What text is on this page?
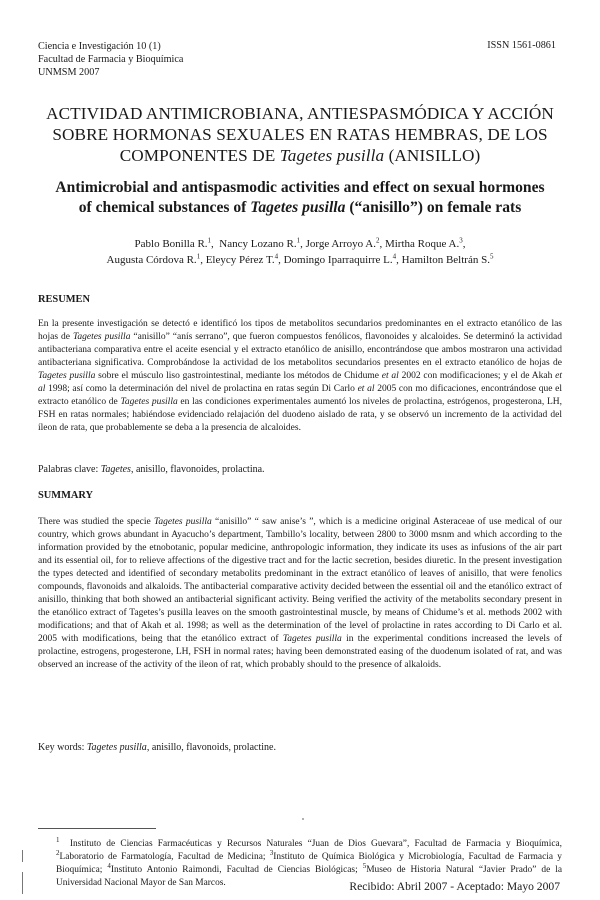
Ciencia e Investigación 10 (1)
Facultad de Farmacia y Bioquímica
UNMSM 2007
ISSN 1561-0861
ACTIVIDAD ANTIMICROBIANA, ANTIESPASMÓDICA Y ACCIÓN
SOBRE HORMONAS SEXUALES EN RATAS HEMBRAS, DE LOS
COMPONENTES DE Tagetes pusilla (ANISILLO)
Antimicrobial and antispasmodic activities and effect on sexual hormones
of chemical substances of Tagetes pusilla (“anisillo”) on female rats
Pablo Bonilla R.$^1$,  Nancy Lozano R.$^1$, Jorge Arroyo A.$^2$, Mirtha Roque A.$^3$,
Augusta Córdova R.$^1$, Eleycy Pérez T.$^4$, Domingo Iparraquirre L.$^4$, Hamilton Beltrán S.$^5$
RESUMEN
En la presente investigación se detectó e identificó los tipos de metabolitos secundarios predominantes en el extracto etanólico de las hojas de Tagetes pusilla “anisillo” “anís serrano”, que fueron compuestos fenólicos, flavonoides y alcaloides. Se determinó la actividad antibacteriana comparativa entre el aceite esencial y el extracto etanólico de anisillo, encontrándose que ambos mostraron una actividad antibacteriana significativa. Comprobándose la actividad de los metabolitos secundarios presentes en el extracto etanólico de hojas de Tagetes pusilla sobre el músculo liso gastrointestinal, mediante los métodos de Chidume et al 2002 con modificaciones; y el de Akah et al 1998; así como la determinación del nivel de prolactina en ratas según Di Carlo et al 2005 con mo dificaciones, encontrándose que el extracto etanólico de Tagetes pusilla en las condiciones experimentales aumentó los niveles de prolactina, estrógenos, progesterona, LH, FSH en ratas normales; habiéndose evidenciado relajación del duodeno aislado de rata, y se observó un incremento de la actividad del íleon de rata, que probablemente se deba a la presencia de alcaloides.
Palabras clave: Tagetes, anisillo, flavonoides, prolactina.
SUMMARY
There was studied the specie Tagetes pusilla “anisillo” “ saw anise’s ”, which is a medicine original Asteraceae of use medical of our country, which grows abundant in Ayacucho’s department, Tambillo’s locality, between 2800 to 3000 msnm and which according to the information provided by the etnobotanic, popular medicine, anthropologic information, they indicate its uses as infusions of the air part and its essential oil, for to relieve affections of the digestive tract and for the lactic secretion, besides diuretic. In the present investigation the types detected and identified of secondary metabolits predominant in the extract etanólico of leaves of anisillo, that were fenolics compounds, flavonoids and alkaloids. The antibacterial comparative activity decided between the essential oil and the etanólico extract of anisillo, thinking that both showed an antibacterial significant activity. Being verified the activity of the metabolits secondary present in the etanólico extract of Tagetes’s pusilla leaves on the smooth gastrointestinal muscle, by means of Chidume’s et al. methods 2002 with modifications; and that of Akah et al. 1998; as well as the determination of the level of prolactine in rates according to Di Carlo et al. 2005 with modifications, being that the etanólico extract of Tagetes pusilla in the experimental conditions increased the levels of prolactine, estrogens, progesterone, LH, FSH in normal rates; having been demonstrated easing of the duodenum isolated of rat, and was observed an increase of the activity of the ileon of rat, which probably should to the presence of alkaloids.
Key words: Tagetes pusilla, anisillo, flavonoids, prolactine.
$^1$ Instituto de Ciencias Farmacéuticas y Recursos Naturales “Juan de Dios Guevara”, Facultad de Farmacia y Bioquímica, $^2$Laboratorio de Farmatología, Facultad de Medicina; $^3$Instituto de Química Biológica y Microbiología, Facultad de Farmacia y Bioquímica; $^4$Instituto Antonio Raimondi, Facultad de Ciencias Biológicas; $^5$Museo de Historia Natural “Javier Prado” de la Universidad Nacional Mayor de San Marcos.	Recibido: Abril 2007 - Aceptado: Mayo 2007
